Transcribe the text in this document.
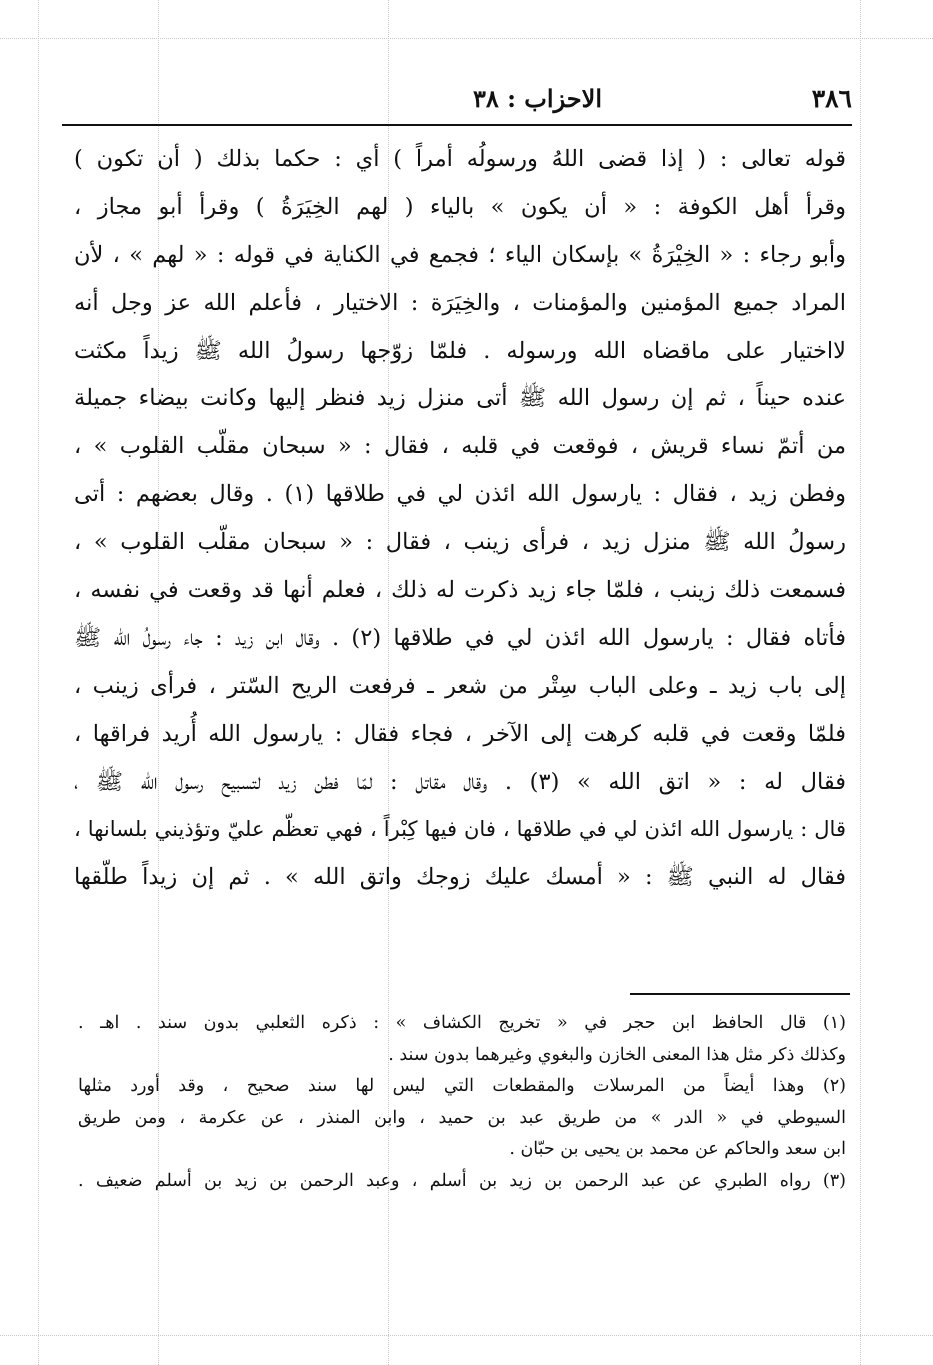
٣٨٦
الاحزاب : ٣٨
قوله تعالى : ( إذا قضى اللهُ ورسولُه أمراً ) أي : حكما بذلك ( أن تكون )
وقرأ أهل الكوفة : « أن يكون » بالياء ( لهم الخِيَرَةُ ) وقرأ أبو مجاز ،
وأبو رجاء : « الخِيْرَةُ » بإسكان الياء ؛ فجمع في الكناية في قوله : « لهم » ، لأن
المراد جميع المؤمنين والمؤمنات ، والخِيَرَة : الاختيار ، فأعلم الله عز وجل أنه
لااختيار على ماقضاه الله ورسوله . فلمّا زوّجها رسولُ الله ﷺ زيداً مكثت
عنده حيناً ، ثم إن رسول الله ﷺ أتى منزل زيد فنظر إليها وكانت بيضاء جميلة
من أتمّ نساء قريش ، فوقعت في قلبه ، فقال : « سبحان مقلّب القلوب » ،
وفطن زيد ، فقال : يارسول الله ائذن لي في طلاقها (١) . وقال بعضهم : أتى
رسولُ الله ﷺ منزل زيد ، فرأى زينب ، فقال : « سبحان مقلّب القلوب » ،
فسمعت ذلك زينب ، فلمّا جاء زيد ذكرت له ذلك ، فعلم أنها قد وقعت في نفسه ،
فأتاه فقال : يارسول الله ائذن لي في طلاقها (٢) . وقال ابن زيد : جاء رسولُ الله ﷺ
إلى باب زيد ـ وعلى الباب سِتْر من شعر ـ فرفعت الريح السّتر ، فرأى زينب ،
فلمّا وقعت في قلبه كرهت إلى الآخر ، فجاء فقال : يارسول الله أُريد فراقها ،
فقال له : « اتق الله » (٣) . وقال مقاتل : لمّا فطن زيد لتسبيح رسول الله ﷺ ،
قال : يارسول الله ائذن لي في طلاقها ، فان فيها كِبْراً ، فهي تعظّم عليّ وتؤذيني بلسانها ،
فقال له النبي ﷺ : « أمسك عليك زوجك واتق الله » . ثم إن زيداً طلّقها
(١) قال الحافظ ابن حجر في « تخريج الكشاف » : ذكره الثعلبي بدون سند . اهـ .
وكذلك ذكر مثل هذا المعنى الخازن والبغوي وغيرهما بدون سند .
(٢) وهذا أيضاً من المرسلات والمقطعات التي ليس لها سند صحيح ، وقد أورد مثلها
السيوطي في « الدر » من طريق عبد بن حميد ، وابن المنذر ، عن عكرمة ، ومن طريق
ابن سعد والحاكم عن محمد بن يحيى بن حبّان .
(٣) رواه الطبري عن عبد الرحمن بن زيد بن أسلم ، وعبد الرحمن بن زيد بن أسلم ضعيف .
